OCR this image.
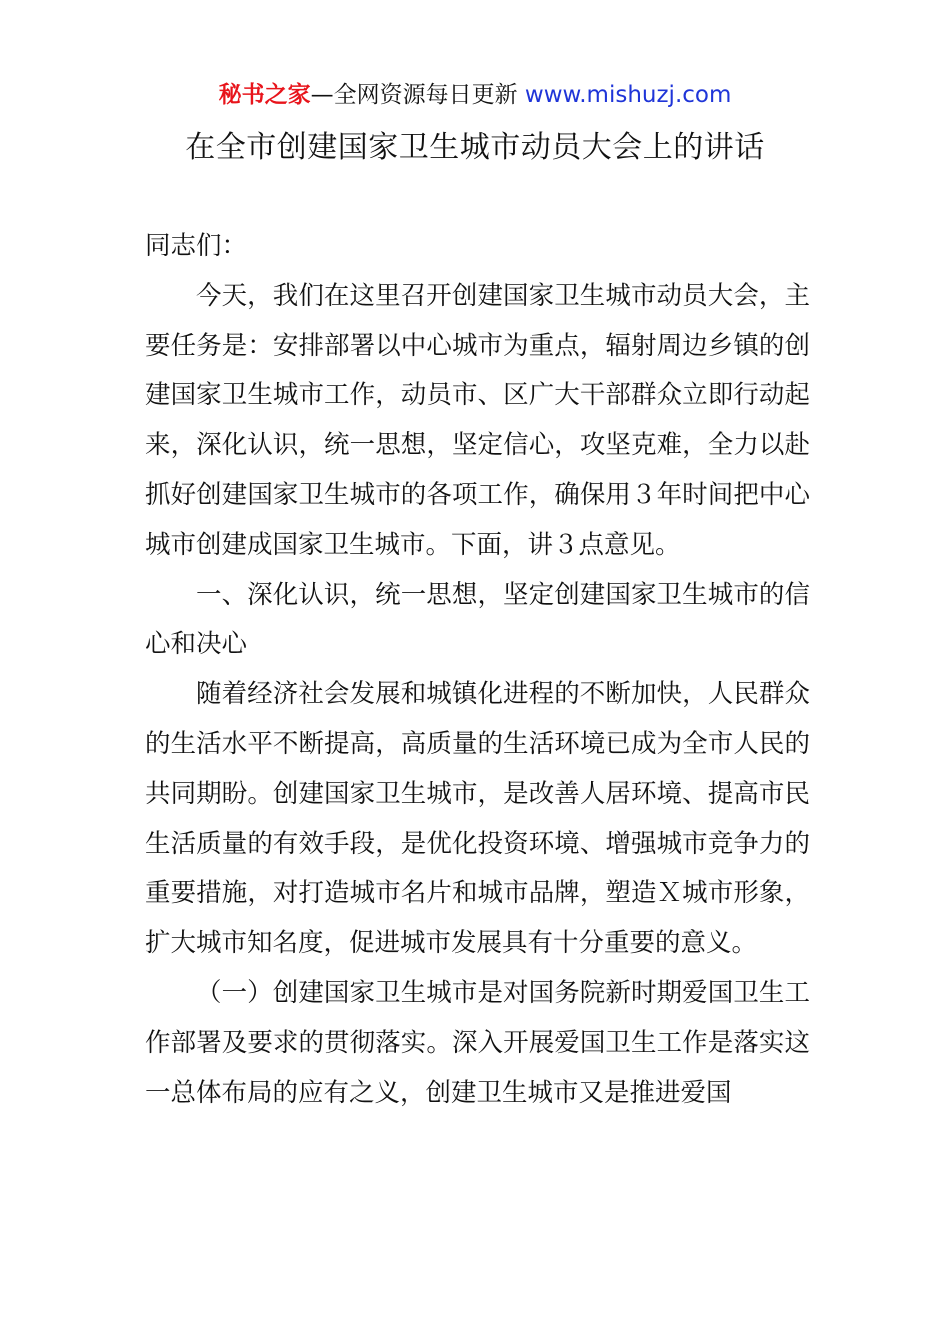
秘书之家—全网资源每日更新 www.mishuzj.com
在全市创建国家卫生城市动员大会上的讲话

同志们：

今天，我们在这里召开创建国家卫生城市动员大会，主要任务是：安排部署以中心城市为重点，辐射周边乡镇的创建国家卫生城市工作，动员市、区广大干部群众立即行动起来，深化认识，统一思想，坚定信心，攻坚克难，全力以赴抓好创建国家卫生城市的各项工作，确保用３年时间把中心城市创建成国家卫生城市。下面，讲３点意见。

一、深化认识，统一思想，坚定创建国家卫生城市的信心和决心

随着经济社会发展和城镇化进程的不断加快，人民群众的生活水平不断提高，高质量的生活环境已成为全市人民的共同期盼。创建国家卫生城市，是改善人居环境、提高市民生活质量的有效手段，是优化投资环境、增强城市竞争力的重要措施，对打造城市名片和城市品牌，塑造Ｘ城市形象，扩大城市知名度，促进城市发展具有十分重要的意义。

（一）创建国家卫生城市是对国务院新时期爱国卫生工作部署及要求的贯彻落实。深入开展爱国卫生工作是落实这一总体布局的应有之义，创建卫生城市又是推进爱国
